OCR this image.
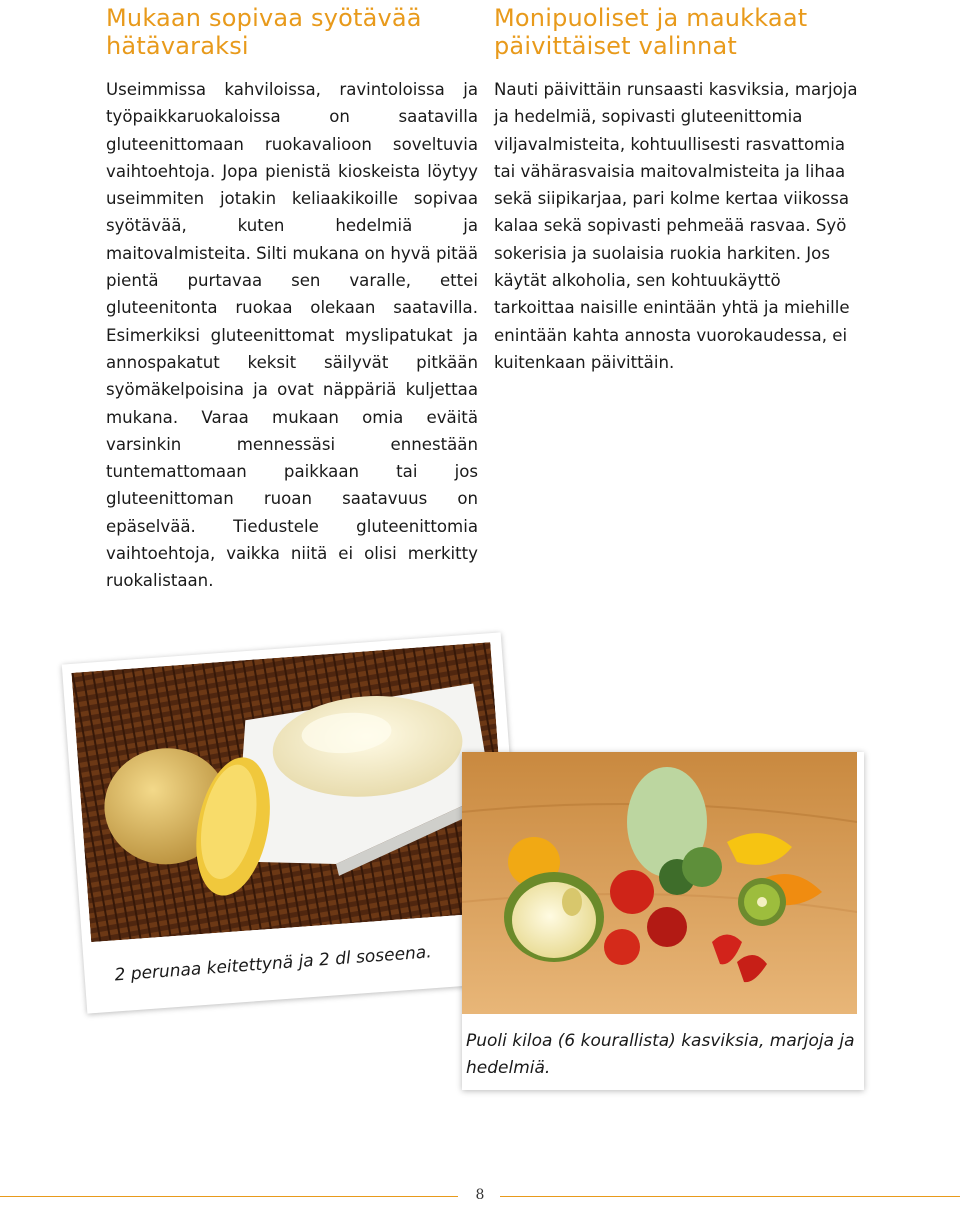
Mukaan sopivaa syötävää hätävaraksi

Useimmissa kahviloissa, ravintoloissa ja työpaikkaruokaloissa on saatavilla gluteenittomaan ruokavalioon soveltuvia vaihtoehtoja. Jopa pienistä kioskeista löytyy useimmiten jotakin keliaakikoille sopivaa syötävää, kuten hedelmiä ja maitovalmisteita. Silti mukana on hyvä pitää pientä purtavaa sen varalle, ettei gluteenitonta ruokaa olekaan saatavilla. Esimerkiksi gluteenittomat myslipatukat ja annospakatut keksit säilyvät pitkään syömäkelpoisina ja ovat näppäriä kuljettaa mukana. Varaa mukaan omia eväitä varsinkin mennessäsi ennestään tuntemattomaan paikkaan tai jos gluteenittoman ruoan saatavuus on epäselvää. Tiedustele gluteenittomia vaihtoehtoja, vaikka niitä ei olisi merkitty ruokalistaan.

Monipuoliset ja maukkaat päivittäiset valinnat

Nauti päivittäin runsaasti kasviksia, marjoja ja hedelmiä, sopivasti gluteenittomia viljavalmisteita, kohtuullisesti rasvattomia tai vähärasvaisia maitovalmisteita ja lihaa sekä siipikarjaa, pari kolme kertaa viikossa kalaa sekä sopivasti pehmeää rasvaa. Syö sokerisia ja suolaisia ruokia harkiten. Jos käytät alkoholia, sen kohtuukäyttö tarkoittaa naisille enintään yhtä ja miehille enintään kahta annosta vuorokaudessa, ei kuitenkaan päivittäin.

2 perunaa keitettynä ja 2 dl soseena.
Puoli kiloa (6 kourallista) kasviksia, marjoja ja hedelmiä.
8
